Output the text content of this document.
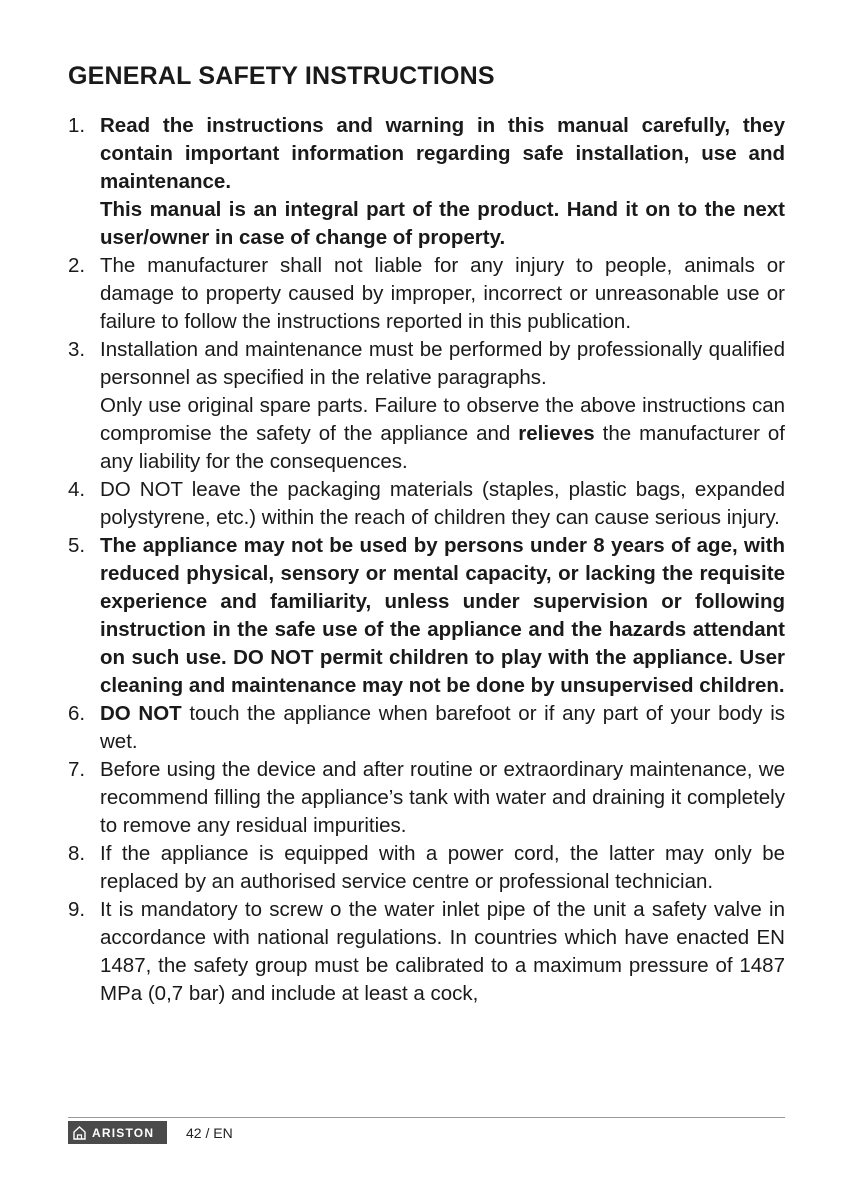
GENERAL SAFETY INSTRUCTIONS
1. Read the instructions and warning in this manual carefully, they contain important information regarding safe installation, use and maintenance.
This manual is an integral part of the product. Hand it on to the next user/owner in case of change of property.
2. The manufacturer shall not liable for any injury to people, animals or damage to property caused by improper, incorrect or unreasonable use or failure to follow the instructions reported in this publication.
3. Installation and maintenance must be performed by professionally qualified personnel as specified in the relative paragraphs.
Only use original spare parts. Failure to observe the above instructions can compromise the safety of the appliance and relieves the manufacturer of any liability for the consequences.
4. DO NOT leave the packaging materials (staples, plastic bags, expanded polystyrene, etc.) within the reach of children they can cause serious injury.
5. The appliance may not be used by persons under 8 years of age, with reduced physical, sensory or mental capacity, or lacking the requisite experience and familiarity, unless under supervision or following instruction in the safe use of the appliance and the hazards attendant on such use. DO NOT permit children to play with the appliance. User cleaning and maintenance may not be done by unsupervised children.
6. DO NOT touch the appliance when barefoot or if any part of your body is wet.
7. Before using the device and after routine or extraordinary maintenance, we recommend filling the appliance’s tank with water and draining it completely to remove any residual impurities.
8. If the appliance is equipped with a power cord, the latter may only be replaced by an authorised service centre or professional technician.
9. It is mandatory to screw o the water inlet pipe of the unit a safety valve in accordance with national regulations. In countries which have enacted EN 1487, the safety group must be calibrated to a maximum pressure of 1487 MPa (0,7 bar) and include at least a cock,
ARISTON 42 / EN
